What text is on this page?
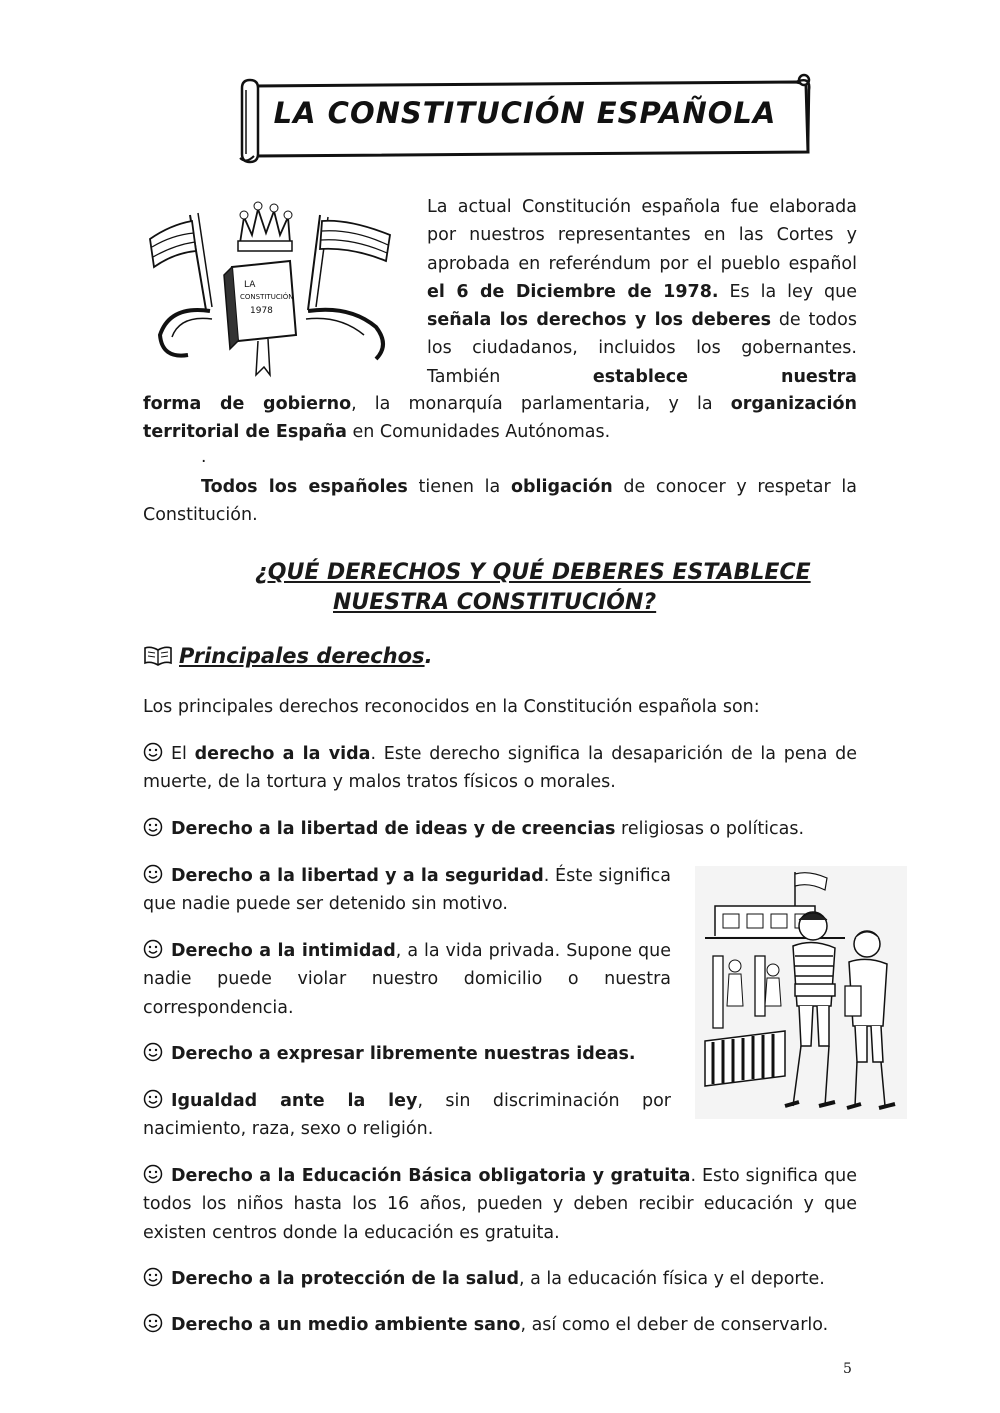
LA CONSTITUCIÓN ESPAÑOLA
LA
CONSTITUCIÓN
1978
La actual Constitución española fue elaborada por nuestros representantes en las Cortes y aprobada en referéndum por el pueblo español el 6 de Diciembre de 1978. Es la ley que señala los derechos y los deberes de todos los ciudadanos, incluidos los gobernantes. También	establece nuestra
forma de gobierno, la monarquía parlamentaria, y la organización territorial de España en Comunidades Autónomas.
.
Todos los españoles tienen la obligación de conocer y respetar la Constitución.
¿QUÉ DERECHOS Y QUÉ DEBERES ESTABLECE
NUESTRA CONSTITUCIÓN?
Principales derechos.
Los principales derechos reconocidos en la Constitución española son:
El derecho a la vida. Este derecho significa la desaparición de la pena de muerte, de la tortura y malos tratos físicos o morales.
Derecho a la libertad de ideas y de creencias religiosas o políticas.
Derecho a la libertad y a la seguridad. Éste significa que nadie puede ser detenido sin motivo.
Derecho a la intimidad, a la vida privada. Supone que nadie puede violar nuestro domicilio o nuestra correspondencia.
Derecho a expresar libremente nuestras ideas.
Igualdad ante la ley, sin discriminación por nacimiento, raza, sexo o religión.
Derecho a la Educación Básica obligatoria y gratuita. Esto significa que todos los niños hasta los 16 años, pueden y deben recibir educación y que existen centros donde la educación es gratuita.
Derecho a la protección de la salud, a la educación física y el deporte.
Derecho a un medio ambiente sano, así como el deber de conservarlo.
5
